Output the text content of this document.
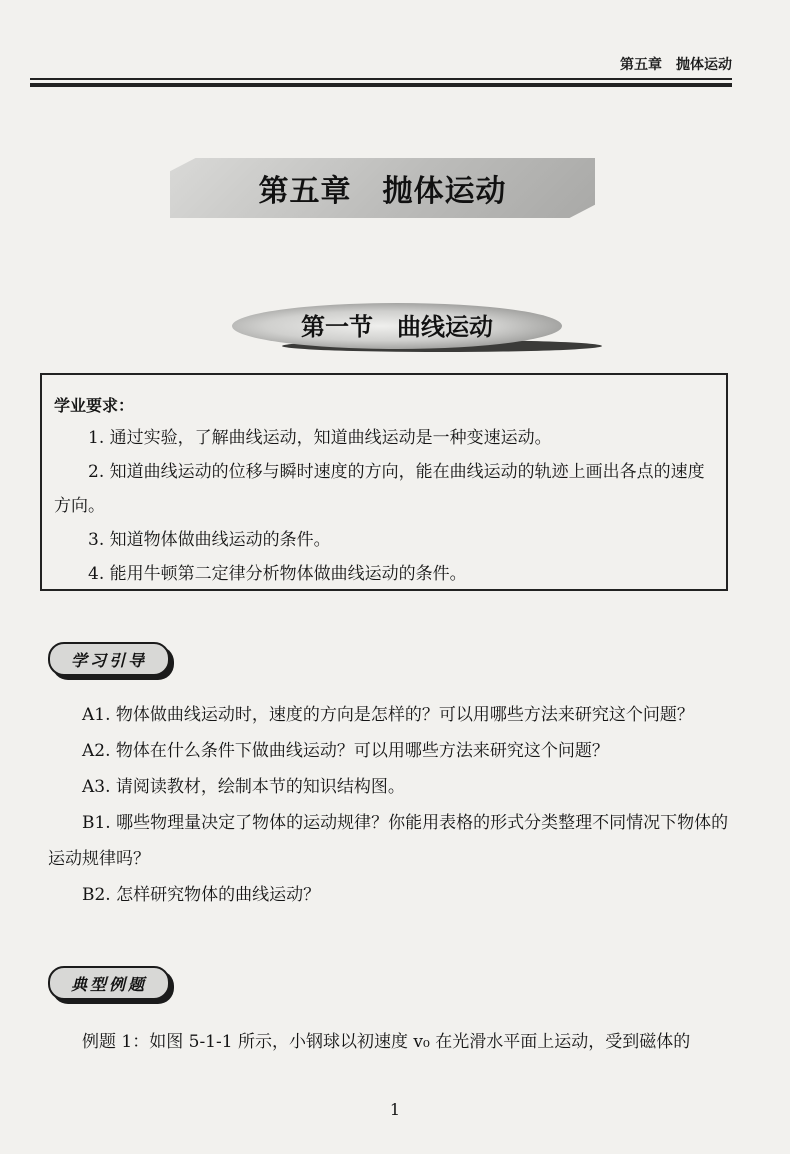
第五章　抛体运动
第五章　抛体运动
第一节　曲线运动
学业要求：
1. 通过实验，了解曲线运动，知道曲线运动是一种变速运动。
2. 知道曲线运动的位移与瞬时速度的方向，能在曲线运动的轨迹上画出各点的速度方向。
3. 知道物体做曲线运动的条件。
4. 能用牛顿第二定律分析物体做曲线运动的条件。
学习引导

A1. 物体做曲线运动时，速度的方向是怎样的？可以用哪些方法来研究这个问题？

A2. 物体在什么条件下做曲线运动？可以用哪些方法来研究这个问题？

A3. 请阅读教材，绘制本节的知识结构图。

B1. 哪些物理量决定了物体的运动规律？你能用表格的形式分类整理不同情况下物体的运动规律吗？

B2. 怎样研究物体的曲线运动？

典型例题

例题 1：如图 5-1-1 所示，小钢球以初速度 v₀ 在光滑水平面上运动，受到磁体的

1
